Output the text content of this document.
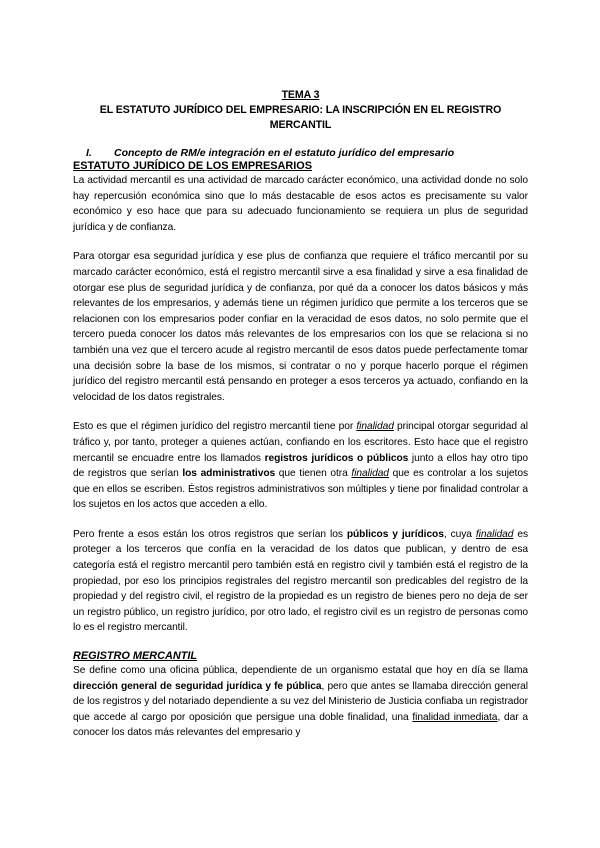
TEMA 3
EL ESTATUTO JURÍDICO DEL EMPRESARIO: LA INSCRIPCIÓN EN EL REGISTRO
MERCANTIL
I. Concepto de RM/e integración en el estatuto jurídico del empresario
ESTATUTO JURÍDICO DE LOS EMPRESARIOS

La actividad mercantil es una actividad de marcado carácter económico, una actividad donde no solo hay repercusión económica sino que lo más destacable de esos actos es precisamente su valor económico y eso hace que para su adecuado funcionamiento se requiera un plus de seguridad jurídica y de confianza.

Para otorgar esa seguridad jurídica y ese plus de confianza que requiere el tráfico mercantil por su marcado carácter económico, está el registro mercantil sirve a esa finalidad y sirve a esa finalidad de otorgar ese plus de seguridad jurídica y de confianza, por qué da a conocer los datos básicos y más relevantes de los empresarios, y además tiene un régimen jurídico que permite a los terceros que se relacionen con los empresarios poder confiar en la veracidad de esos datos, no solo permite que el tercero pueda conocer los datos más relevantes de los empresarios con los que se relaciona si no también una vez que el tercero acude al registro mercantil de esos datos puede perfectamente tomar una decisión sobre la base de los mismos, si contratar o no y porque hacerlo porque el régimen jurídico del registro mercantil está pensando en proteger a esos terceros ya actuado, confiando en la velocidad de los datos registrales.

Esto es que el régimen jurídico del registro mercantil tiene por finalidad principal otorgar seguridad al tráfico y, por tanto, proteger a quienes actúan, confiando en los escritores. Esto hace que el registro mercantil se encuadre entre los llamados registros jurídicos o públicos junto a ellos hay otro tipo de registros que serían los administrativos que tienen otra finalidad que es controlar a los sujetos que en ellos se escriben. Éstos registros administrativos son múltiples y tiene por finalidad controlar a los sujetos en los actos que acceden a ello.

Pero frente a esos están los otros registros que serían los públicos y jurídicos, cuya finalidad es proteger a los terceros que confía en la veracidad de los datos que publican, y dentro de esa categoría está el registro mercantil pero también está en registro civil y también está el registro de la propiedad, por eso los principios registrales del registro mercantil son predicables del registro de la propiedad y del registro civil, el registro de la propiedad es un registro de bienes pero no deja de ser un registro público, un registro jurídico, por otro lado, el registro civil es un registro de personas como lo es el registro mercantil.

REGISTRO MERCANTIL

Se define como una oficina pública, dependiente de un organismo estatal que hoy en día se llama dirección general de seguridad jurídica y fe pública, pero que antes se llamaba dirección general de los registros y del notariado dependiente a su vez del Ministerio de Justicia confiaba un registrador que accede al cargo por oposición que persigue una doble finalidad, una finalidad inmediata, dar a conocer los datos más relevantes del empresario y
